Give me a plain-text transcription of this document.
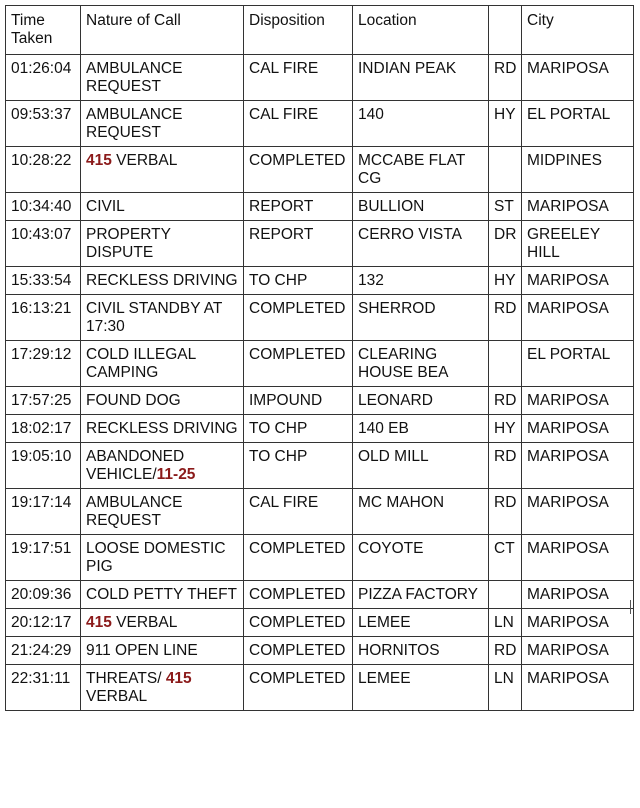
Time Taken	Nature of Call	Disposition	Location		City
01:26:04	AMBULANCE REQUEST	CAL FIRE	INDIAN PEAK	RD	MARIPOSA
09:53:37	AMBULANCE REQUEST	CAL FIRE	140	HY	EL PORTAL
10:28:22	415 VERBAL	COMPLETED	MCCABE FLAT CG		MIDPINES
10:34:40	CIVIL	REPORT	BULLION	ST	MARIPOSA
10:43:07	PROPERTY DISPUTE	REPORT	CERRO VISTA	DR	GREELEY HILL
15:33:54	RECKLESS DRIVING	TO CHP	132	HY	MARIPOSA
16:13:21	CIVIL STANDBY AT 17:30	COMPLETED	SHERROD	RD	MARIPOSA
17:29:12	COLD ILLEGAL CAMPING	COMPLETED	CLEARING HOUSE BEA		EL PORTAL
17:57:25	FOUND DOG	IMPOUND	LEONARD	RD	MARIPOSA
18:02:17	RECKLESS DRIVING	TO CHP	140 EB	HY	MARIPOSA
19:05:10	ABANDONED VEHICLE/11-25	TO CHP	OLD MILL	RD	MARIPOSA
19:17:14	AMBULANCE REQUEST	CAL FIRE	MC MAHON	RD	MARIPOSA
19:17:51	LOOSE DOMESTIC PIG	COMPLETED	COYOTE	CT	MARIPOSA
20:09:36	COLD PETTY THEFT	COMPLETED	PIZZA FACTORY		MARIPOSA
20:12:17	415 VERBAL	COMPLETED	LEMEE	LN	MARIPOSA
21:24:29	911 OPEN LINE	COMPLETED	HORNITOS	RD	MARIPOSA
22:31:11	THREATS/ 415 VERBAL	COMPLETED	LEMEE	LN	MARIPOSA
